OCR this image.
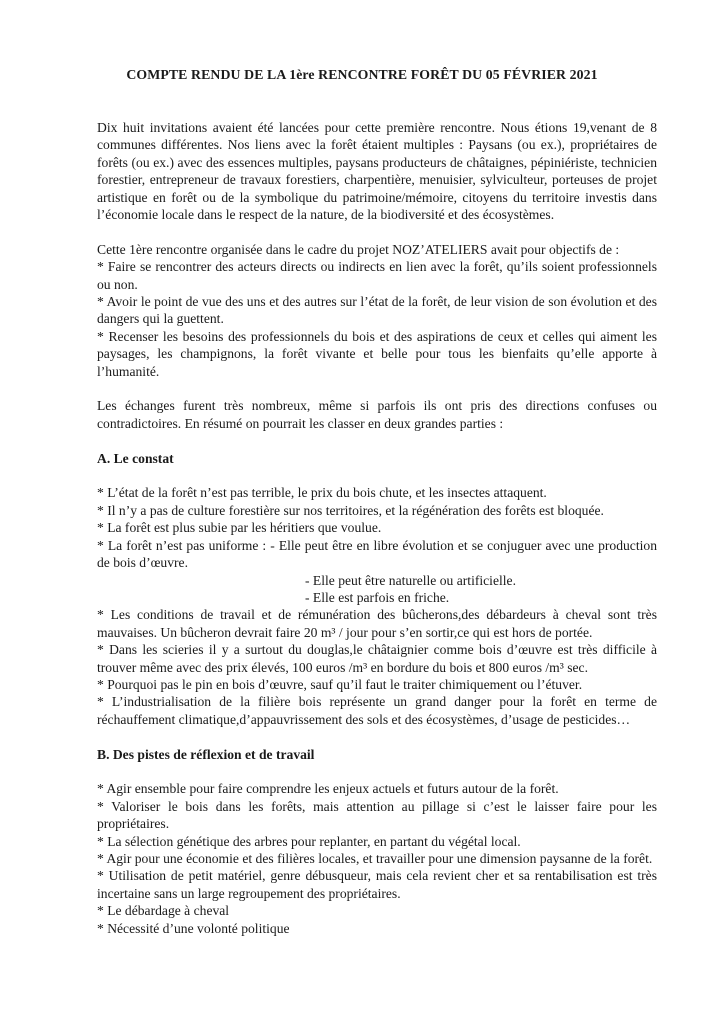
COMPTE RENDU DE LA 1ère RENCONTRE FORÊT DU 05 FÉVRIER 2021

Dix huit invitations avaient été lancées pour cette première rencontre. Nous étions 19,venant de 8 communes différentes. Nos liens avec la forêt étaient multiples : Paysans (ou ex.), propriétaires de forêts (ou ex.) avec des essences multiples, paysans producteurs de châtaignes, pépiniériste, technicien forestier, entrepreneur de travaux forestiers, charpentière, menuisier, sylviculteur, porteuses de projet artistique en forêt ou de la symbolique du patrimoine/mémoire, citoyens du territoire investis dans l’économie locale dans le respect de la nature, de la biodiversité et des écosystèmes.

Cette 1ère rencontre organisée dans le cadre du projet NOZ’ATELIERS avait pour objectifs de :

* Faire se rencontrer des acteurs directs ou indirects en lien avec la forêt, qu’ils soient professionnels ou non.

* Avoir le point de vue des uns et des autres sur l’état de la forêt, de leur vision de son évolution et des dangers qui la guettent.

* Recenser les besoins des professionnels du bois et des aspirations de ceux et celles qui aiment les paysages, les champignons, la forêt vivante et belle pour tous les bienfaits qu’elle apporte à l’humanité.

Les échanges furent très nombreux, même si parfois ils ont pris des directions confuses ou contradictoires. En résumé on pourrait les classer en deux grandes parties :

A. Le constat

* L’état de la forêt n’est pas terrible, le prix du bois chute, et les insectes attaquent.

* Il n’y a pas de culture forestière sur nos territoires, et la régénération des forêts est bloquée.

* La forêt est plus subie par les héritiers que voulue.

* La forêt n’est pas uniforme : - Elle peut être en libre évolution et se conjuguer avec une production de bois d’œuvre.

- Elle peut être naturelle ou artificielle.

- Elle est parfois en friche.

* Les conditions de travail et de rémunération des bûcherons,des débardeurs à cheval sont très mauvaises. Un bûcheron devrait faire 20 m³ / jour pour s’en sortir,ce qui est hors de portée.

* Dans les scieries il y a surtout du douglas,le châtaignier comme bois d’œuvre est très difficile à trouver même avec des prix élevés, 100 euros /m³ en bordure du bois et 800 euros /m³ sec.

* Pourquoi pas le pin en bois d’œuvre, sauf qu’il faut le traiter chimiquement ou l’étuver.

* L’industrialisation de la filière bois représente un grand danger pour la forêt en terme de réchauffement climatique,d’appauvrissement des sols et des écosystèmes, d’usage de pesticides…

B. Des pistes de réflexion et de travail

* Agir ensemble pour faire comprendre les enjeux actuels et futurs autour de la forêt.

* Valoriser le bois dans les forêts, mais attention au pillage si c’est le laisser faire pour les propriétaires.

* La sélection génétique des arbres pour replanter, en partant du végétal local.

* Agir pour une économie et des filières locales, et travailler pour une dimension paysanne de la forêt.

* Utilisation de petit matériel, genre débusqueur, mais cela revient cher et sa rentabilisation est très incertaine sans un large regroupement des propriétaires.

* Le débardage à cheval

* Nécessité d’une volonté politique
